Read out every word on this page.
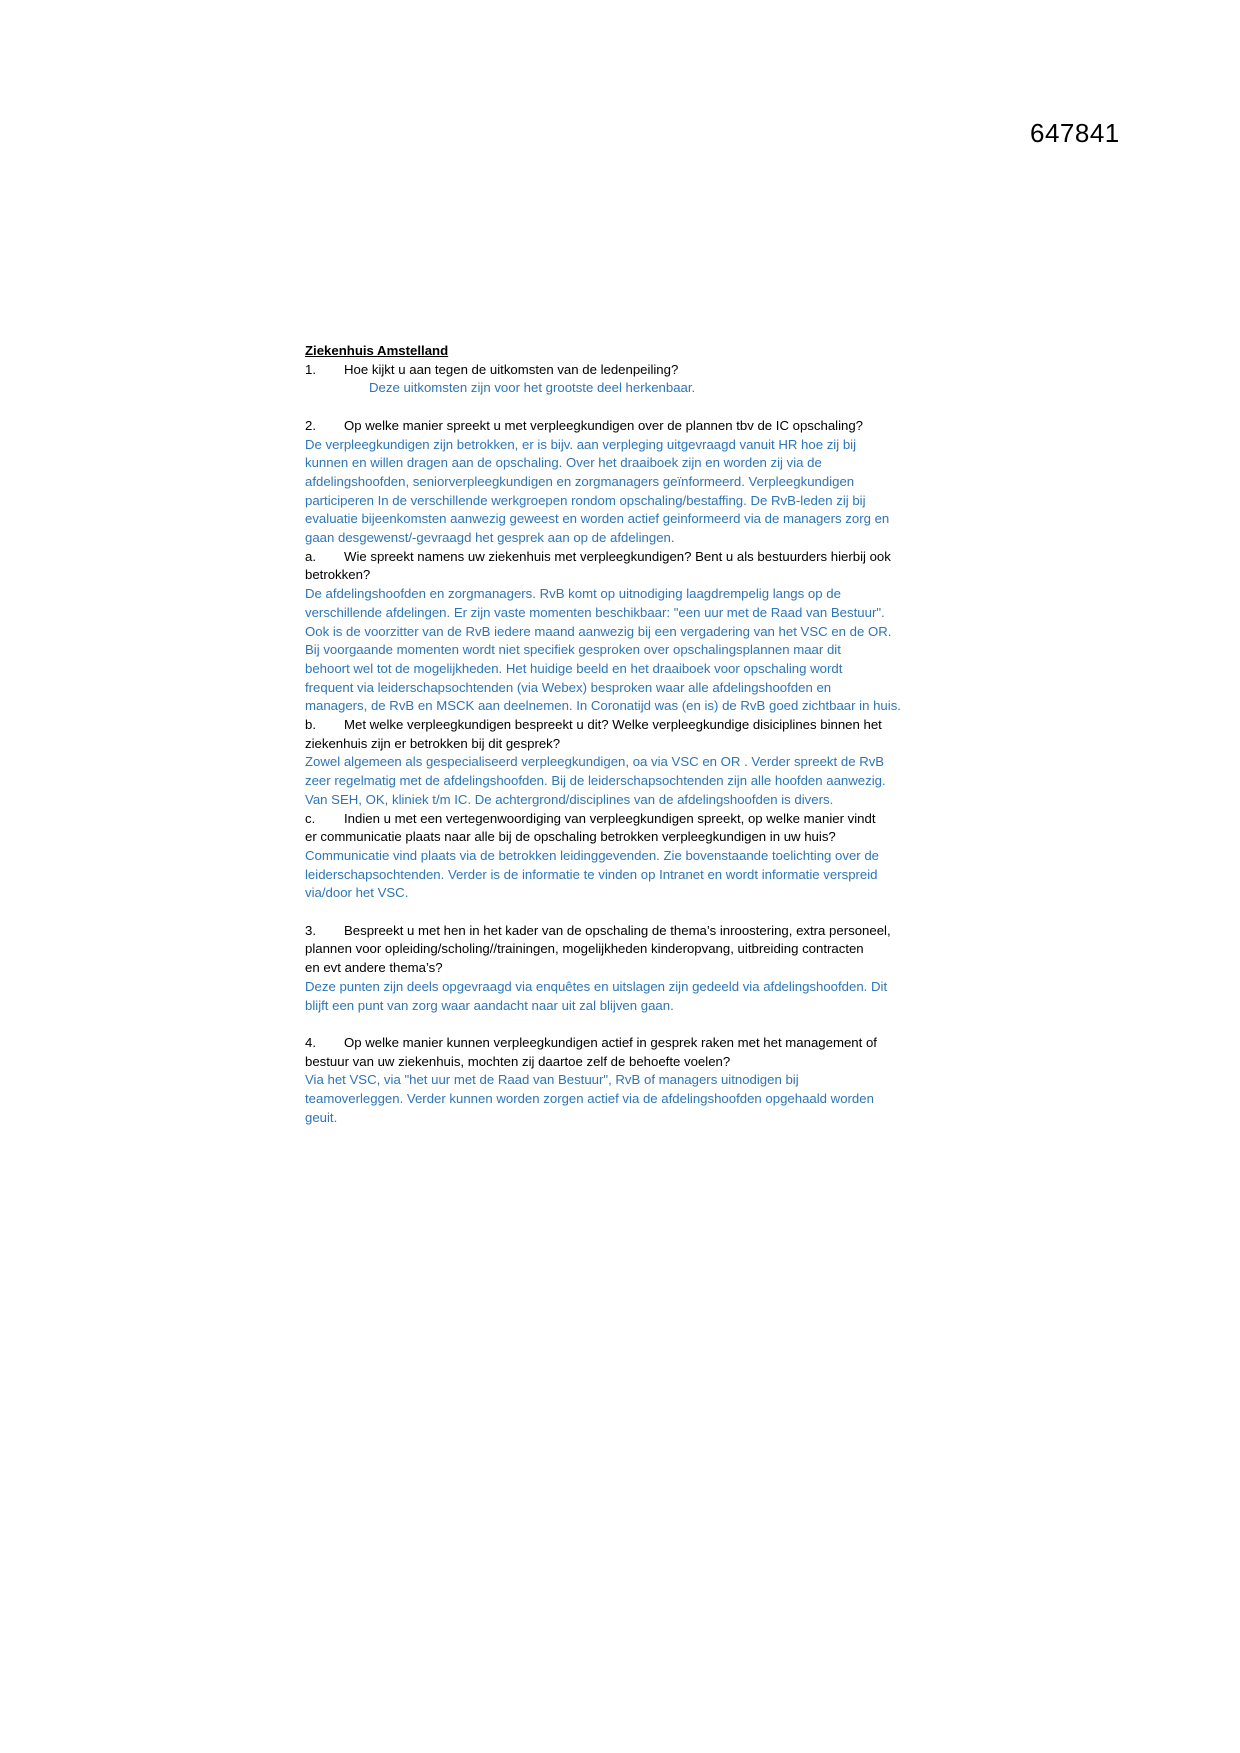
647841
Ziekenhuis Amstelland
1. Hoe kijkt u aan tegen de uitkomsten van de ledenpeiling?
Deze uitkomsten zijn voor het grootste deel herkenbaar.
2. Op welke manier spreekt u met verpleegkundigen over de plannen tbv de IC opschaling?
De verpleegkundigen zijn betrokken, er is bijv. aan verpleging uitgevraagd vanuit HR hoe zij bij
kunnen en willen dragen aan de opschaling. Over het draaiboek zijn en worden zij via de
afdelingshoofden, seniorverpleegkundigen en zorgmanagers geïnformeerd. Verpleegkundigen
participeren In de verschillende werkgroepen rondom opschaling/bestaffing. De RvB-leden zij bij
evaluatie bijeenkomsten aanwezig geweest en worden actief geinformeerd via de managers zorg en
gaan desgewenst/-gevraagd het gesprek aan op de afdelingen.
a. Wie spreekt namens uw ziekenhuis met verpleegkundigen? Bent u als bestuurders hierbij ook
betrokken?
De afdelingshoofden en zorgmanagers. RvB komt op uitnodiging laagdrempelig langs op de
verschillende afdelingen. Er zijn vaste momenten beschikbaar: "een uur met de Raad van Bestuur".
Ook is de voorzitter van de RvB iedere maand aanwezig bij een vergadering van het VSC en de OR.
Bij voorgaande momenten wordt niet specifiek gesproken over opschalingsplannen maar dit
behoort wel tot de mogelijkheden. Het huidige beeld en het draaiboek voor opschaling wordt
frequent via leiderschapsochtenden (via Webex) besproken waar alle afdelingshoofden en
managers, de RvB en MSCK aan deelnemen. In Coronatijd was (en is) de RvB goed zichtbaar in huis.
b. Met welke verpleegkundigen bespreekt u dit? Welke verpleegkundige disiciplines binnen het
ziekenhuis zijn er betrokken bij dit gesprek?
Zowel algemeen als gespecialiseerd verpleegkundigen, oa via VSC en OR . Verder spreekt de RvB
zeer regelmatig met de afdelingshoofden. Bij de leiderschapsochtenden zijn alle hoofden aanwezig.
Van SEH, OK, kliniek t/m IC. De achtergrond/disciplines van de afdelingshoofden is divers.
c. Indien u met een vertegenwoordiging van verpleegkundigen spreekt, op welke manier vindt
er communicatie plaats naar alle bij de opschaling betrokken verpleegkundigen in uw huis?
Communicatie vind plaats via de betrokken leidinggevenden. Zie bovenstaande toelichting over de
leiderschapsochtenden. Verder is de informatie te vinden op Intranet en wordt informatie verspreid
via/door het VSC.
3. Bespreekt u met hen in het kader van de opschaling de thema’s inroostering, extra personeel,
plannen voor opleiding/scholing//trainingen, mogelijkheden kinderopvang, uitbreiding contracten
en evt andere thema’s?
Deze punten zijn deels opgevraagd via enquêtes en uitslagen zijn gedeeld via afdelingshoofden. Dit
blijft een punt van zorg waar aandacht naar uit zal blijven gaan.
4. Op welke manier kunnen verpleegkundigen actief in gesprek raken met het management of
bestuur van uw ziekenhuis, mochten zij daartoe zelf de behoefte voelen?
Via het VSC, via "het uur met de Raad van Bestuur", RvB of managers uitnodigen bij
teamoverleggen. Verder kunnen worden zorgen actief via de afdelingshoofden opgehaald worden
geuit.
